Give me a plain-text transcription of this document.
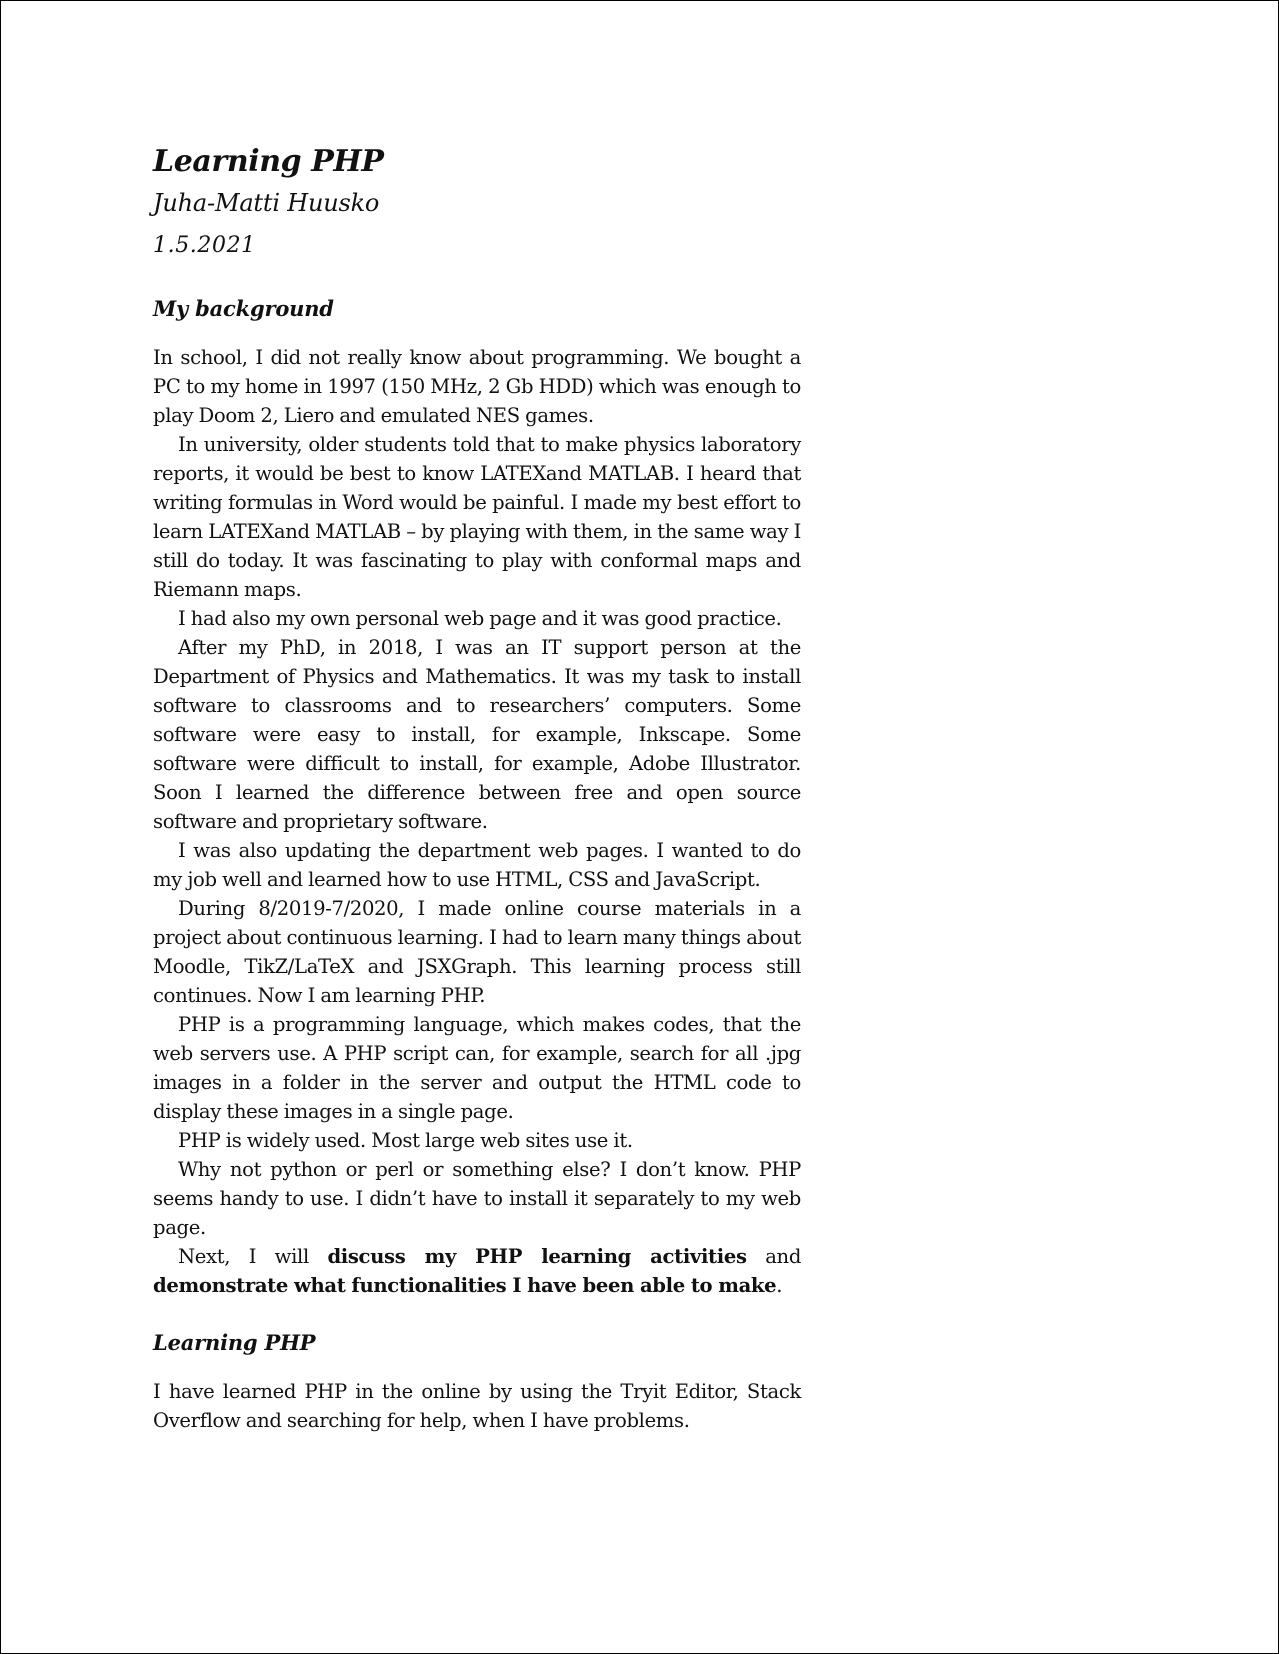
Learning PHP

Juha-Matti Huusko

1.5.2021

My background

In school, I did not really know about programming. We bought a PC to my home in 1997 (150 MHz, 2 Gb HDD) which was enough to play Doom 2, Liero and emulated NES games.

In university, older students told that to make physics laboratory reports, it would be best to know LATEXand MATLAB. I heard that writing formulas in Word would be painful. I made my best effort to learn LATEXand MATLAB – by playing with them, in the same way I still do today. It was fascinating to play with conformal maps and Riemann maps.

I had also my own personal web page and it was good practice.

After my PhD, in 2018, I was an IT support person at the Department of Physics and Mathematics. It was my task to install software to classrooms and to researchers’ computers. Some software were easy to install, for example, Inkscape. Some software were difficult to install, for example, Adobe Illustrator. Soon I learned the difference between free and open source software and proprietary software.

I was also updating the department web pages. I wanted to do my job well and learned how to use HTML, CSS and JavaScript.

During 8/2019-7/2020, I made online course materials in a project about continuous learning. I had to learn many things about Moodle, TikZ/LaTeX and JSXGraph. This learning process still continues. Now I am learning PHP.

PHP is a programming language, which makes codes, that the web servers use. A PHP script can, for example, search for all .jpg images in a folder in the server and output the HTML code to display these images in a single page.

PHP is widely used. Most large web sites use it.

Why not python or perl or something else? I don’t know. PHP seems handy to use. I didn’t have to install it separately to my web page.

Next, I will discuss my PHP learning activities and demonstrate what functionalities I have been able to make.

Learning PHP

I have learned PHP in the online by using the Tryit Editor, Stack Overflow and searching for help, when I have problems.
